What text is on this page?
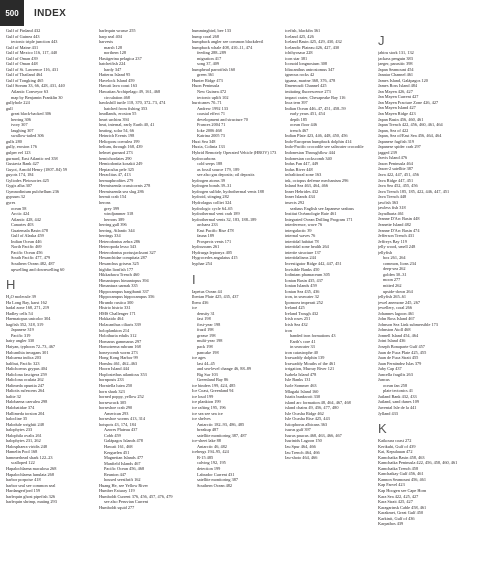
500	INDEX
Gulf of Finland 432
Gulf of Guinea 443
tectonic triple junction 443
Gulf of Maine 431
Gulf of Mexico 116, 117, 440
Gulf of Oman 439
Gulf of Oman 448
Gulf of St. Lawrence 116, 431
Gulf of Thailand 464
Gulf of Tongking 465
Gulf Stream 33, 66, 428, 431, 440
Atlantic Conveyor 63
map by Benjamin Franklin 30
gullyhole 224
gull
great black-backed 306
herring 306
ivory 307
laughing 307
swallow-tailed 306
gulls 280
gully, erosion 176
gulper eel 123
gurnard, East Atlantic red 358
Gustavia Bank 427
Guyot, Arnold Henry (1807–84) 59
guyots 174, 184
Gyliodes Pleiosories 425
Gygis alba 307
Gymnodinium pulchellum 236
gypsum 32
gyres
ocean 58
Arctic 424
Atlantic 428, 442
Canaries 403
Guatemala Basin 478
Gulf of Alaska 459
Indian Ocean 446
North Pacific 469
Pacific Ocean 456
South Pacific 477, 479
Southern Ocean 482, 487
upwelling and downwelling 60
H
H₂O molecule 39
Ha Long Bay, karst 162
hadal zone 168, 271, 219
Hadley cells 54
Haematopus unicolor 304
hagfish 352, 318, 319
Japanese 319
Pacific 319
hairy angler 330
Haiyan, typhoon 72–73, 467
Halcanthia invagans 301
Halcaena indica 203
halibut, Pacific 323
Halichoerus grypus 404
Haliclona fascigera 259
Haliclona oculata 262
Halimeda opuntia 247
Haliotis rufescens 264
halite 32
Halobaena caerulea 298
Halobatidae 374
Hallimeda torsion 204
halocline 35
Halodule wrightii 248
halophytes 233
Halophila ovalis 261
halophytes 231, 262
Halosphaera viridis 248
Hamelin Pool 168
hammerhead shark 122–23
scalloped 122
Hapalochlaena maculosa 268
Hapalochlaena lunulata 268
harbor porpoise 418
harbor seal see common seal
Hardangerfjord 159
harlequin ghost pipefish 326
harlequin shrimp, mating 293
harlequin wrasse 255
harp seal 404
harvests
marsh 128
northern 128
Hastigerina pelagica 237
hatchetfish 224
hardy 347
Hatteras Island 95
Havelock Island 459
Hawaii lava coast 163
Hawaiian Archipelago 49, 161, 468
circulation 468
hawksbill turtle 118, 370, 372–73, 474
hatched from fishing 353
headlands, erosion 55
heart urchins 394
heat, internal, early Earth 40, 41
heating, solar 54, 66
Heinrich Events 198
Helioporu coerulea 199
helium, through 168, 439
helmet gurnard 273
hemichordates 290
Hemiodontia kosakii 249
Hepiaculus pele 325
Heraclitus 47, 413
hermaphrodites 279
Hermissenda crassicornis 278
Hermissenda sea slug 286
hermit crab 154
herons
grey 399
windjammer 318
herrons 389
herring gull 396
herring, Atlantic 344
herrings 334
Heterodontus zebra 286
Heteropoda lesso 343
Heterodontus portusjacksoni 327
Hexanchidae compitata 287
Hexanchus griseus 325
highfin lionfish 177
Hikkaduwa Trench 460
Himantopus himantopus 394
Himantura uarnak 335
Hippocampus bargibanti 337
Hippocampus hippocampus 356
Hirundo rustica 300
Histrio histrio 331
HMS Challenger 171
Hokkaido 464
Holacanthus ciliaris 339
holoplankton 214
Holothuria edulis 312
Homarus gammarus 297
Homotrema rubrum 168
honeycomb worm 273
Hong Kong Harbor 99
Honshu 461, 462–463
Hoorn Island 444
Hoplostethus atlanticus 353
hornpouts 233
Horniella lutea 250
horn shark 323
horned poppy, yellow 252
horsewrack 305
horseshoe crab 290
American 293
horseshoe worms 413, 314
hotspots 43, 174, 184
Azores Plateau 437
Cobb 459
Galápagos Islands 478
Hawaii 161, 468
Kerguelen 451
Magnetian Islands 477
Manfield Islands 467
Pacific Ocean 456, 468
Reunion 447
housed seesthrift 162
Huang He, see Yellow River
Humber Estuary 119
Humboldt Current 376, 456, 457, 476, 479
see also Peruvian Current
Humboldt squid 277
hummingbird, bee 133
hump coral 268
humpback angler see common blackdevil
humpback whale 408, 410–11, 474
feeding 288–289
migration 417
song 37, 409
humphead parrotfish 160
green 361
Hunter Ridge 473
Huon Peninsula
New Guinea 472
tectonic uplift 102
hurricanes 70–71
Andrew 1992 133
coastal effect 71
development and structure 70
Frances 2004 71
Ioke 2006 468
Katrina 2005 73
Huxi Sea 348
Huxia, Colinia 133
Hybrid Remotely Operated Vehicle (HROV) 173
hydrocarbons
cold seeps 188
as fossil source 179, 189
see also gas deposits; oil deposits
hydrogen atoms 39
hydrogen bonds 39–31
hydrogen sulfide, hydrothermal vents 188
hydroid, stinging 282
Hydrolagus colliei 324
hydrologic cycle 64–65
hydrothermal vent crab 189
hydrothermal vents 32, 183, 188–189
archaea 233
East Pacific Rise 478
fauna 189
Prospects vents 171
hydrozoans 261
Hydrurga leptonyx 405
Hygrocedes angulatus 415
hyphae 254
I
Iapetus Ocean 44
Iberian Plate 425, 435, 437
Ibera 436
ice
density 31
fast 198
first-year 198
frazil 198
grease 198
multi-year 198
pack 198
pancake 198
ice ages
last 44–45
and sea-level change 46, 88–89
Big Sur 103
Greenland Bay 86
ice binders 199, 424, 485
Ice Coast, Greenland 94
ice loud 199
ice plankton 199
ice rafting 195, 196
ice sea see sea ice
ice shelves
Antarctic 182–93, 486, 485
breakup 487
satellite monitoring 387, 487
ice-sheet lake 88
Antarctic 46, 482
icebergs 194–95, 424
B-15 485
calving 192, 195
detection 199
Labrador Current 431
satellite monitoring 387
Southern Ocean 482
icefish, blackfin 361
Iceland 425, 426
Iceland Basin 425, 429, 430, 432
Icelandic Plateau 426, 427, 430
ichthyosaur 228
icon star 381
Iconoid longnosium 308
Idiacanthus antrostomus 347
igneous rocks 42
iguana, marine 368, 376, 478
Ilmenwudi Channel 425
imitating fluorescence 273
impact crater, Chesapeake Bay 116
Inca tern 397
Indian Ocean 446–47, 451, 458–59
early years 451, 454
depth 185
ocean floor 446
trench 467
Indian Plate 423, 446, 448, 450, 456
Indo-European humpback dolphin 414
Indo-Pacific crocodile see saltwater crocodile
Indonesian Throughflow 444
Indonesian cockscomb 340
Indus Fan 447, 449
Indus River 448
infralittoral zone 163
ink, octopus defense mechanism 296
Inland Sea 463, 464, 466
Inner Hebrides 432
Inner Islands 434
insects 292
seabass English see Japanese seabass
Institut Océanologie Raie 461
Integrated Ocean Drilling Program 171
interference, wave 76
intergalactic 39
internal waves 76
intertidal habitat 78
intertidal zone health 264
intertie structure 137
intertidalisms 244
Investigator Ridge 442, 447, 451
Invisible Banks 450
Iodiniam phamaceum 305
Ionian Basin 435, 437
Ionian Islands 459
Ionian Sea 435, 436
iron, in seawater 32
Ipomoea imperati 252
Ireland 425
Ireland Trough 432
Irish roses 251
Irish Sea 432
iron
banded iron formations 43
Earth's core 41
in seawater 33
iron catastrophe 40
Irrawaddy dolphin 139
Irrawaddy Mouths of the 461
irrigation, Murray River 121
Isabela Island 478
Isle Banks 131
Isole Sommer 463
Mlagaki Island 160
Istatis bunkwoit 330
island arc formation 48, 464, 467, 468
island chains 49, 456, 477, 480
Isle Ocasha Ridge 462
Isle Ocasha Rise 425, 443
Istiophorus albicans 363
isurus gulf 397
Isurus paucus 468, 463, 466, 467
Isurinids Lagoon 150
Izu Spur 464, 466
Izu Trench 464, 466
Izu-shoto 464, 466
J
jabiru stork 131, 132
jackass penguin 383
jaeger, parasitic 398
Japan Seamount 454
Janatar Channel 461
James Island, Galápagos 120
James Ross Island 484
Jan Mayen 426, 427
Jan Mayen Current 427
Jan Mayen Fracture Zone 426, 427
Jan Mayen Island 427
Jan Mayen Ridge 423
Japan Basin 456, 460, 461
Japan Trench 422, 456, 460, 461, 464
Japan, Sea of 422
Japan, Sea of/East Sea 456, 464, 464
Japanese fugfish 319
Japanese spider crab 297
jagged 239
Jarvis Island 476
Jason Peninsula 464
Jason-2 satellite 387
Java 422, 447, 451, 456
Java Ridge 447, 451
Java Sea 452, 455, 456
Java Trench 185, 185, 422, 446, 447, 451
Java Trench 448
jawfish 363
jawless fish 318
Jayadharta 461
Jeanne D'Arc Basin 448
Jeanette Island 482
Jeanne D'Arc Basin 474
Jefferson Trench 431
Jeffreys Bay 119
jelly wood, smell 248
jellyfish
box 261, 264
common, lions 234
deep-sea 262
golden 30–31
moon 277
mitted 262
upside-down 264
jellyfish 265–61
jewel anemone 245, 267
jewellery, coral 266
Johannes lagoon 461
John Ross Island 467
Johnson Sea Link submersible 173
Johnston Atoll 468
Jonnell Island 454, 464
Joint Island 436
Joseph Bonaparte Gulf 457
Juan de Fuca Plate 425, 455
Juan de Fuca Strait 455
Juan Fernández Islas 379
Juby Cap 437
Juncella fragilis 263
Juncus
ocean fan 258
plate tectonics 41
Jutland Bank 432, 433
Jutland, sand dunes 109
Juvental Isle de la 441
Jylland 433
K
Kaikoura coast 272
Kerikuhi, Gulf of 439
Kai, Kepulauan 472
Kamchatka Basin 458, 463
Kamchatka Peninsula 422, 456, 458, 460, 461
Kamchatka Trench 458
Kanchatkay Gulf 456, 461
Kannon Seamount 456, 461
Kap Farvel 423
Kap Hoogen see Cape Horn
Kara Sea 422, 425, 427
Kara Strait 425, 427
Karagarinsk Cable 458, 461
Karakmet, Great Gulf 450
Karkinit, Gulf of 436
Karpathos 439
